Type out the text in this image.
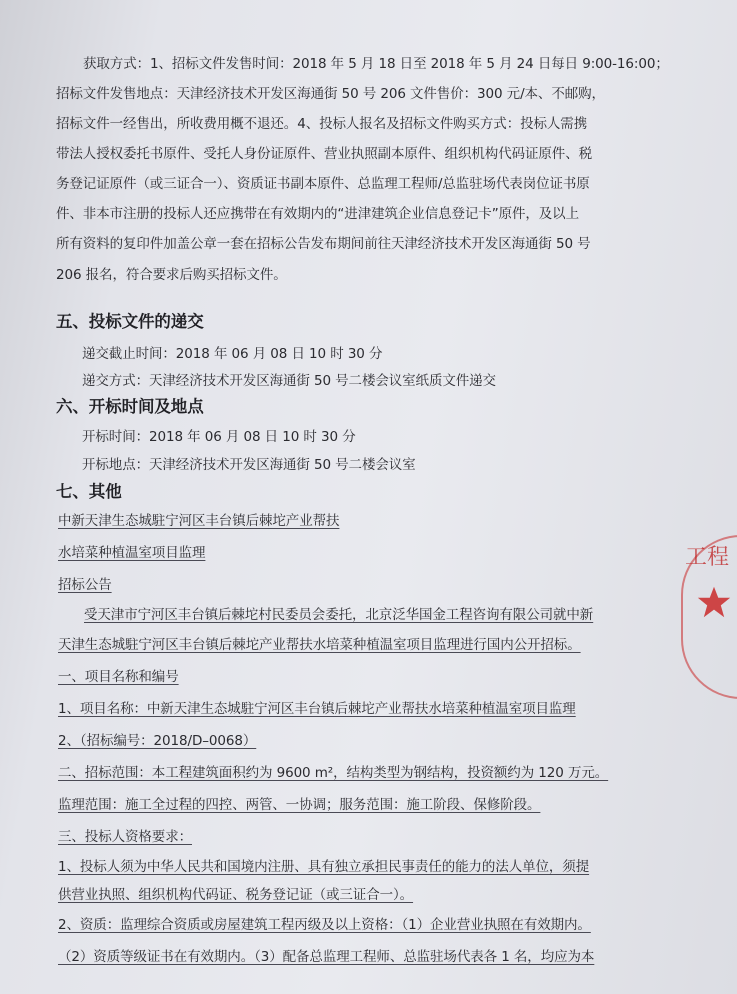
获取方式：1、招标文件发售时间：2018 年 5 月 18 日至 2018 年 5 月 24 日每日 9:00-16:00；
招标文件发售地点：天津经济技术开发区海通街 50 号 206 文件售价：300 元/本、不邮购，
招标文件一经售出，所收费用概不退还。4、投标人报名及招标文件购买方式：投标人需携
带法人授权委托书原件、受托人身份证原件、营业执照副本原件、组织机构代码证原件、税
务登记证原件（或三证合一）、资质证书副本原件、总监理工程师/总监驻场代表岗位证书原
件、非本市注册的投标人还应携带在有效期内的“进津建筑企业信息登记卡”原件，及以上
所有资料的复印件加盖公章一套在招标公告发布期间前往天津经济技术开发区海通街 50 号
206 报名，符合要求后购买招标文件。
五、投标文件的递交
递交截止时间：2018 年 06 月 08 日 10 时 30 分
递交方式：天津经济技术开发区海通街 50 号二楼会议室纸质文件递交
六、开标时间及地点
开标时间：2018 年 06 月 08 日 10 时 30 分
开标地点：天津经济技术开发区海通街 50 号二楼会议室
七、其他
中新天津生态城駐宁河区丰台镇后棘坨产业帮扶
水培菜种植温室项目监理
招标公告
受天津市宁河区丰台镇后棘坨村民委员会委托，北京泛华国金工程咨询有限公司就中新
天津生态城駐宁河区丰台镇后棘坨产业帮扶水培菜种植温室项目监理进行国内公开招标。
一、项目名称和编号
1、项目名称：中新天津生态城駐宁河区丰台镇后棘坨产业帮扶水培菜种植温室项目监理
2、（招标编号：2018/D–0068）
二、招标范围：本工程建筑面积约为 9600 m²，结构类型为钢结构，投资额约为 120 万元。
监理范围：施工全过程的四控、两管、一协调；服务范围：施工阶段、保修阶段。
三、投标人资格要求：
1、投标人须为中华人民共和国境内注册、具有独立承担民事责任的能力的法人单位，须提
供营业执照、组织机构代码证、税务登记证（或三证合一）。
2、资质：监理综合资质或房屋建筑工程丙级及以上资格：（1）企业营业执照在有效期内。
（2）资质等级证书在有效期内。（3）配备总监理工程师、总监驻场代表各 1 名，均应为本
工程
